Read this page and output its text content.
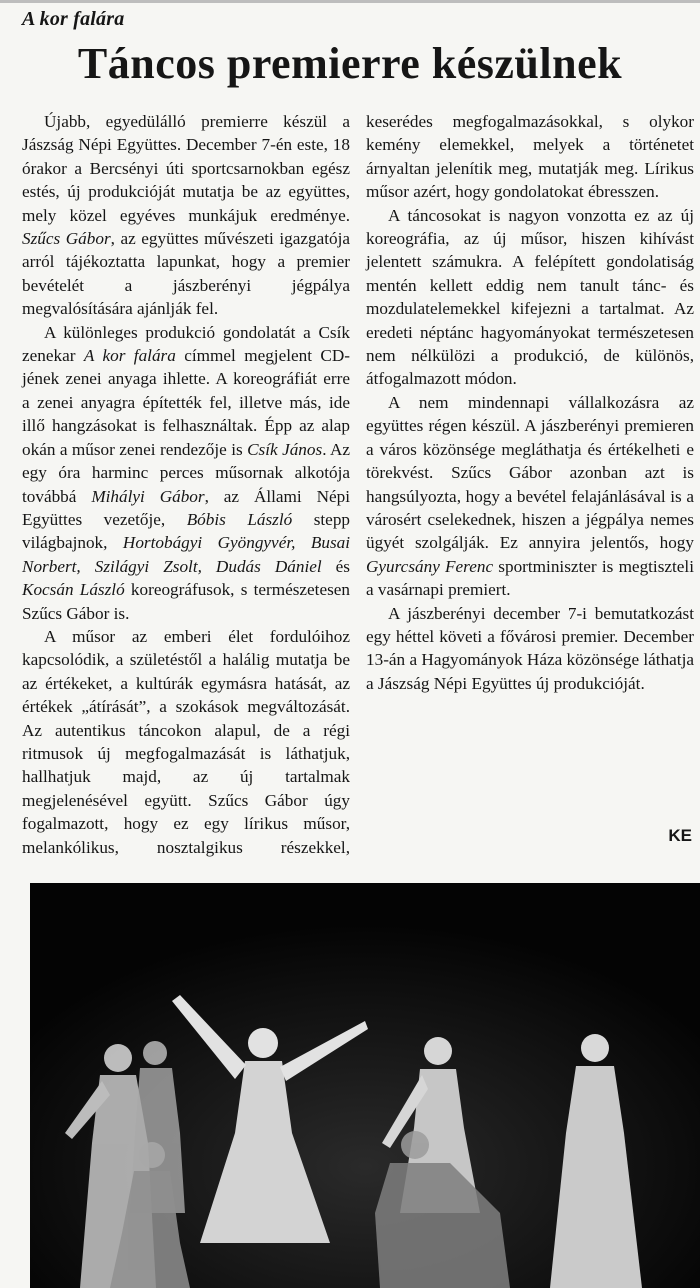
A kor falára
Táncos premierre készülnek

Újabb, egyedülálló premierre készül a Jászság Népi Együttes. December 7-én este, 18 órakor a Bercsényi úti sportcsarnokban egész estés, új produkcióját mutatja be az együttes, mely közel egyéves munkájuk eredménye. Szűcs Gábor, az együttes művészeti igazgatója arról tájékoztatta lapunkat, hogy a premier bevételét a jászberényi jégpálya megvalósítására ajánlják fel.

A különleges produkció gondolatát a Csík zenekar A kor falára címmel megjelent CD-jének zenei anyaga ihlette. A koreográfiát erre a zenei anyagra építették fel, illetve más, ide illő hangzásokat is felhasználtak. Épp az alap okán a műsor zenei rendezője is Csík János. Az egy óra harminc perces műsornak alkotója továbbá Mihályi Gábor, az Állami Népi Együttes vezetője, Bóbis László stepp világbajnok, Hortobágyi Gyöngyvér, Busai Norbert, Szilágyi Zsolt, Dudás Dániel és Kocsán László koreográfusok, s természetesen Szűcs Gábor is.

A műsor az emberi élet fordulóihoz kapcsolódik, a születéstől a halálig mutatja be az értékeket, a kultúrák egymásra hatását, az értékek „átírását”, a szokások megváltozását. Az autentikus táncokon alapul, de a régi ritmusok új megfogalmazását is láthatjuk, hallhatjuk majd, az új tartalmak megjelenésével együtt. Szűcs Gábor úgy fogalmazott, hogy ez egy lírikus műsor, melankólikus, nosztalgikus részekkel, keserédes megfogalmazásokkal, s olykor kemény elemekkel, melyek a történetet árnyaltan jelenítik meg, mutatják meg. Lírikus műsor azért, hogy gondolatokat ébresszen.

A táncosokat is nagyon vonzotta ez az új koreográfia, az új műsor, hiszen kihívást jelentett számukra. A felépített gondolatiság mentén kellett eddig nem tanult tánc- és mozdulatelemekkel kifejezni a tartalmat. Az eredeti néptánc hagyományokat természetesen nem nélkülözi a produkció, de különös, átfogalmazott módon.

A nem mindennapi vállalkozásra az együttes régen készül. A jászberényi premieren a város közönsége megláthatja és értékelheti e törekvést. Szűcs Gábor azonban azt is hangsúlyozta, hogy a bevétel felajánlásával is a városért cselekednek, hiszen a jégpálya nemes ügyét szolgálják. Ez annyira jelentős, hogy Gyurcsány Ferenc sportminiszter is megtiszteli a vasárnapi premiert.

A jászberényi december 7-i bemutatkozást egy héttel követi a fővárosi premier. December 13-án a Hagyományok Háza közönsége láthatja a Jászság Népi Együttes új produkcióját.

KE
